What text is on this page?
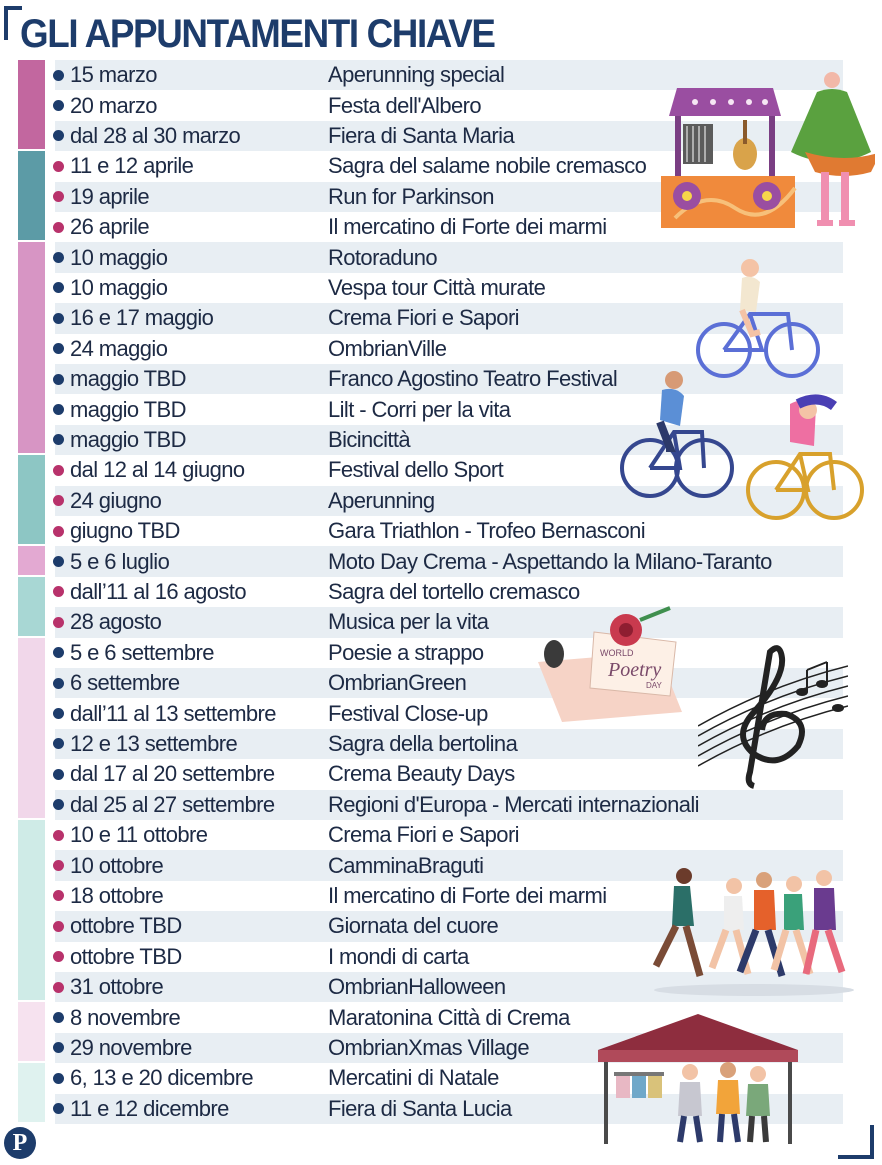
GLI APPUNTAMENTI CHIAVE
15 marzo	Aperunning special
20 marzo	Festa dell'Albero
dal 28 al 30 marzo	Fiera di Santa Maria
11 e 12 aprile	Sagra del salame nobile cremasco
19 aprile	Run for Parkinson
26 aprile	Il mercatino di Forte dei marmi
10 maggio	Rotoraduno
10 maggio	Vespa tour Città murate
16 e 17 maggio	Crema Fiori e Sapori
24 maggio	OmbrianVille
maggio TBD	Franco Agostino Teatro Festival
maggio TBD	Lilt - Corri per la vita
maggio TBD	Bicincittà
dal 12 al 14 giugno	Festival dello Sport
24 giugno	Aperunning
giugno TBD	Gara Triathlon - Trofeo Bernasconi
5 e 6 luglio	Moto Day Crema - Aspettando la Milano-Taranto
dall’11 al 16 agosto	Sagra del tortello cremasco
28 agosto	Musica per la vita
5 e 6 settembre	Poesie a strappo
6 settembre	OmbrianGreen
dall’11 al 13 settembre	Festival Close-up
12 e 13 settembre	Sagra della bertolina
dal 17 al 20 settembre	Crema Beauty Days
dal 25 al 27 settembre	Regioni d'Europa - Mercati internazionali
10 e 11 ottobre	Crema Fiori e Sapori
10 ottobre	CamminaBraguti
18 ottobre	Il mercatino di Forte dei marmi
ottobre TBD	Giornata del cuore
ottobre TBD	I mondi di carta
31 ottobre	OmbrianHalloween
8 novembre	Maratonina Città di Crema
29 novembre	OmbrianXmas Village
6, 13 e 20 dicembre	Mercatini di Natale
11 e 12 dicembre	Fiera di Santa Lucia
WORLD
Poetry
DAY
P
